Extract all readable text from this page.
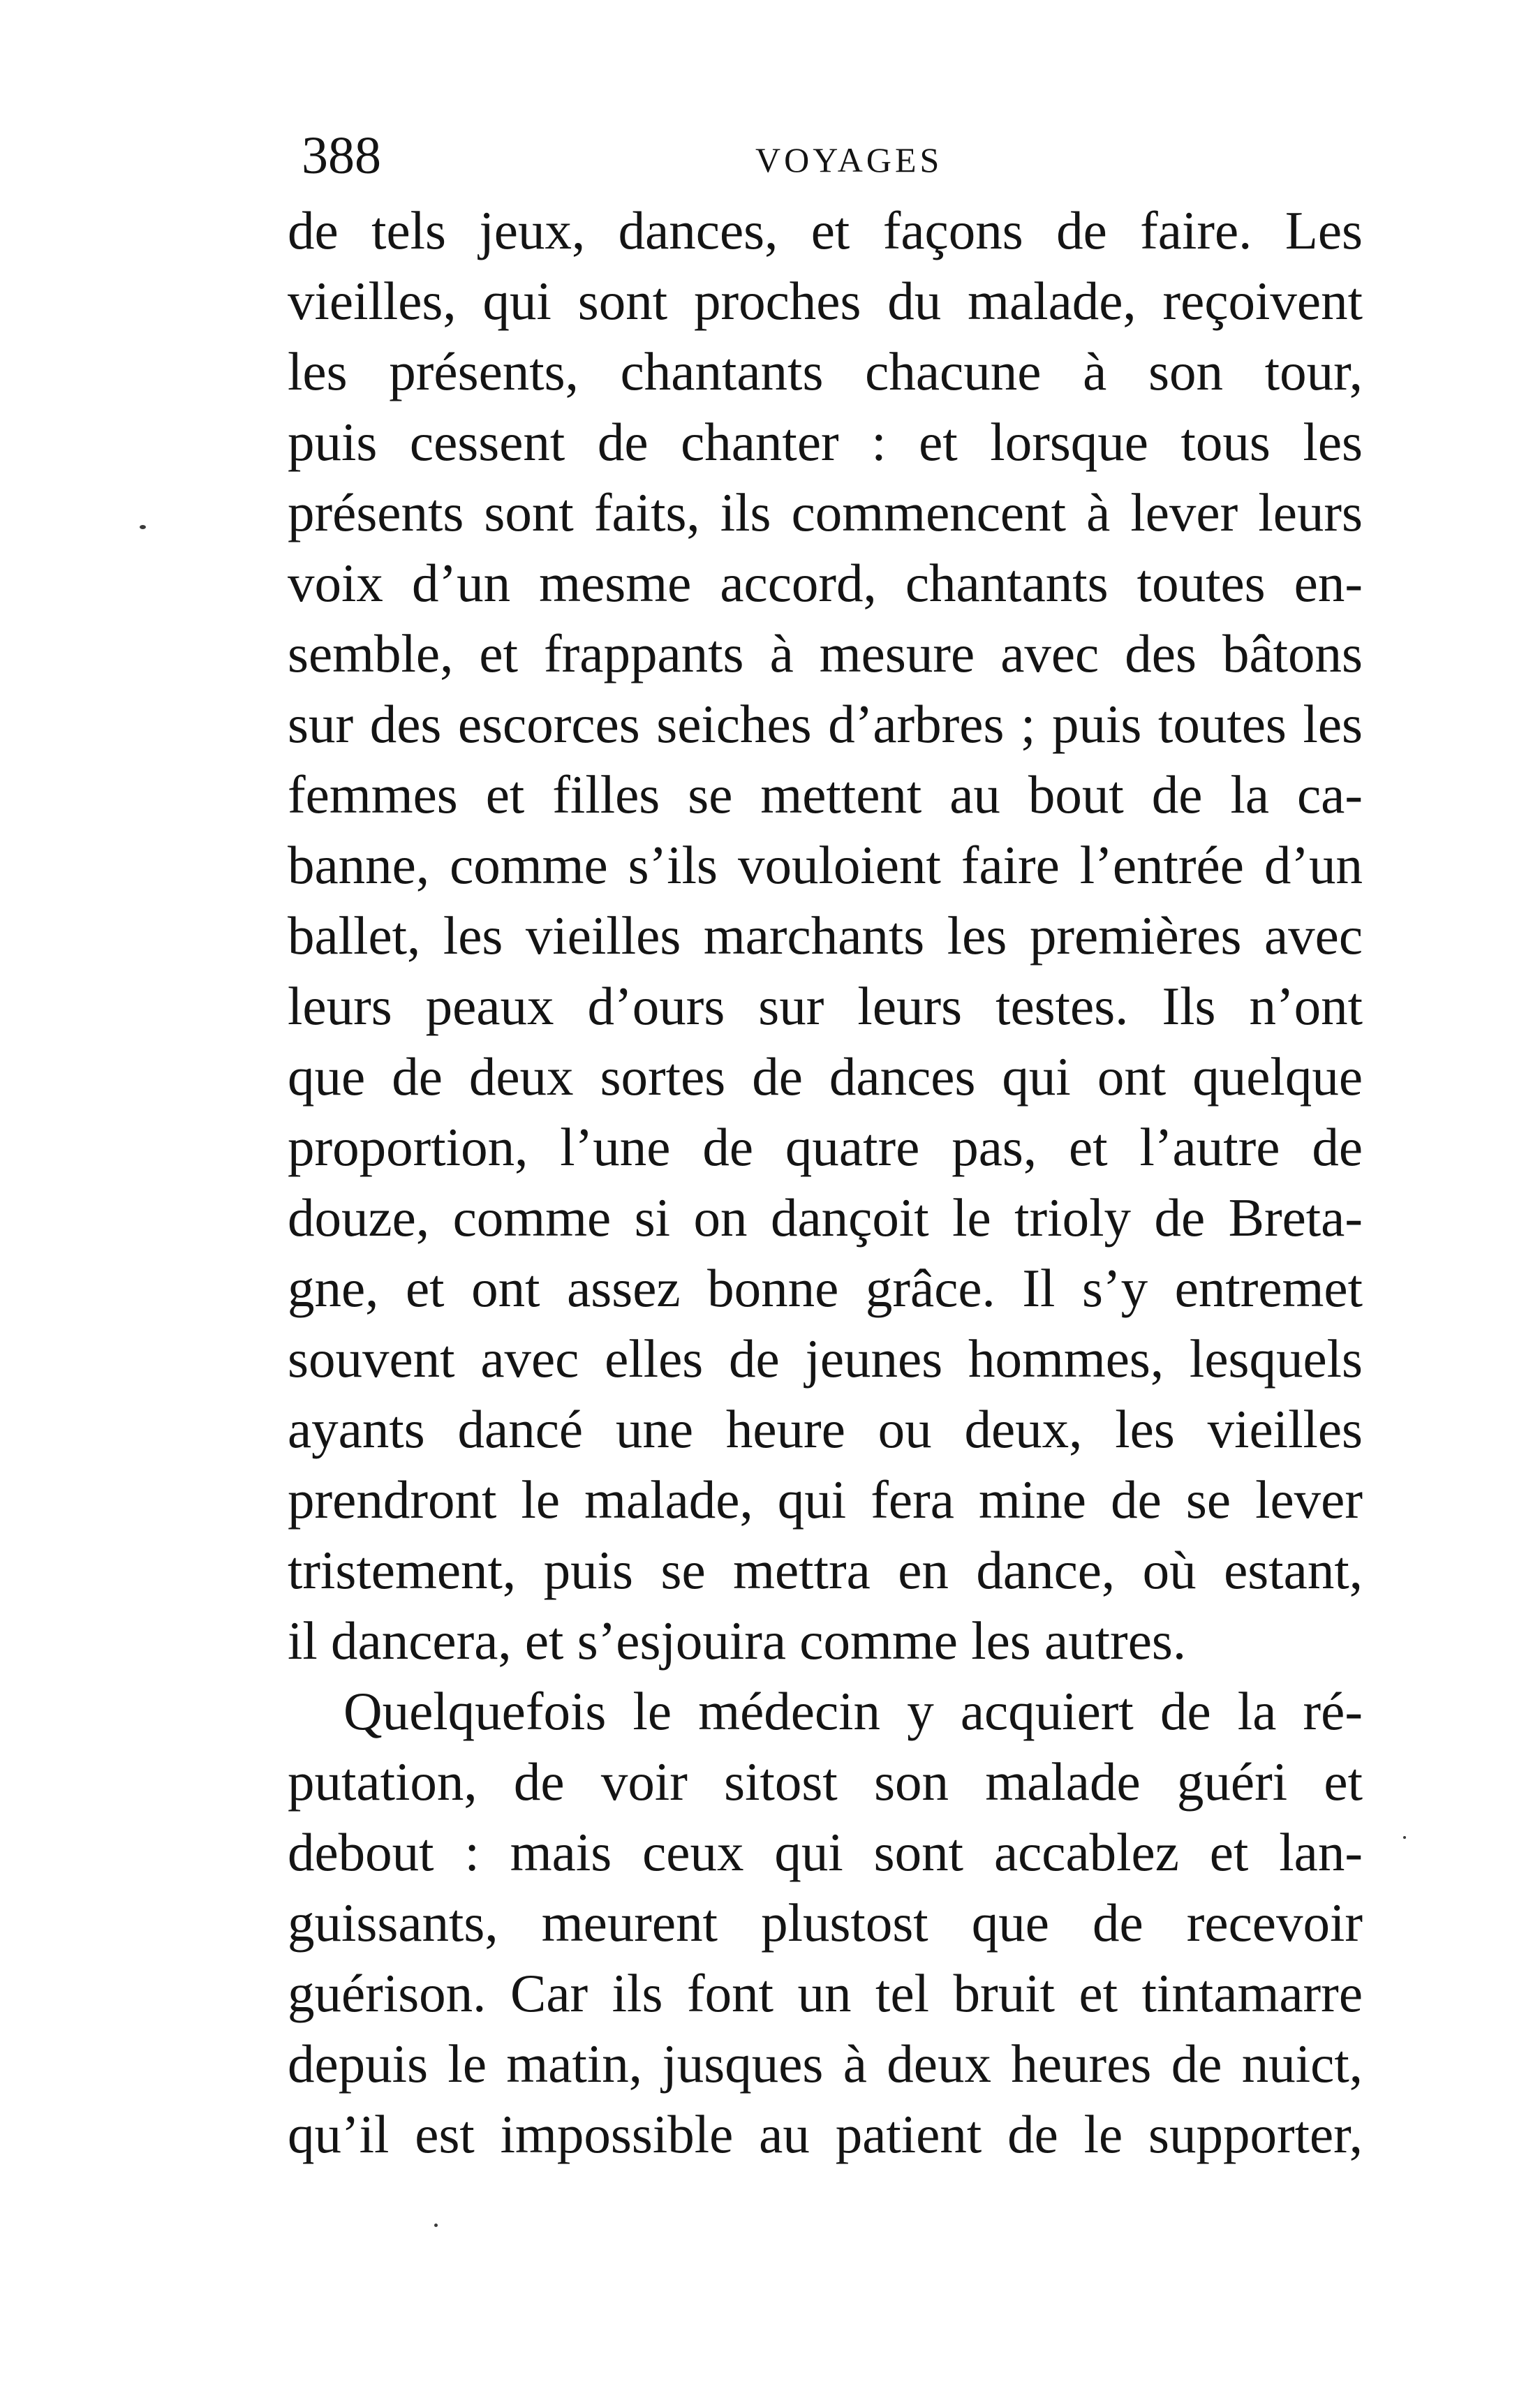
388	VOYAGES
de tels jeux, dances, et façons de faire. Les
vieilles, qui sont proches du malade, reçoivent
les présents, chantants chacune à son tour,
puis cessent de chanter : et lorsque tous les
présents sont faits, ils commencent à lever leurs
voix d’un mesme accord, chantants toutes en-
semble, et frappants à mesure avec des bâtons
sur des escorces seiches d’arbres ; puis toutes les
femmes et filles se mettent au bout de la ca-
banne, comme s’ils vouloient faire l’entrée d’un
ballet, les vieilles marchants les premières avec
leurs peaux d’ours sur leurs testes. Ils n’ont
que de deux sortes de dances qui ont quelque
proportion, l’une de quatre pas, et l’autre de
douze, comme si on dançoit le trioly de Breta-
gne, et ont assez bonne grâce. Il s’y entremet
souvent avec elles de jeunes hommes, lesquels
ayants dancé une heure ou deux, les vieilles
prendront le malade, qui fera mine de se lever
tristement, puis se mettra en dance, où estant,
il dancera, et s’esjouira comme les autres.
Quelquefois le médecin y acquiert de la ré-
putation, de voir sitost son malade guéri et
debout : mais ceux qui sont accablez et lan-
guissants, meurent plustost que de recevoir
guérison. Car ils font un tel bruit et tintamarre
depuis le matin, jusques à deux heures de nuict,
qu’il est impossible au patient de le supporter,
